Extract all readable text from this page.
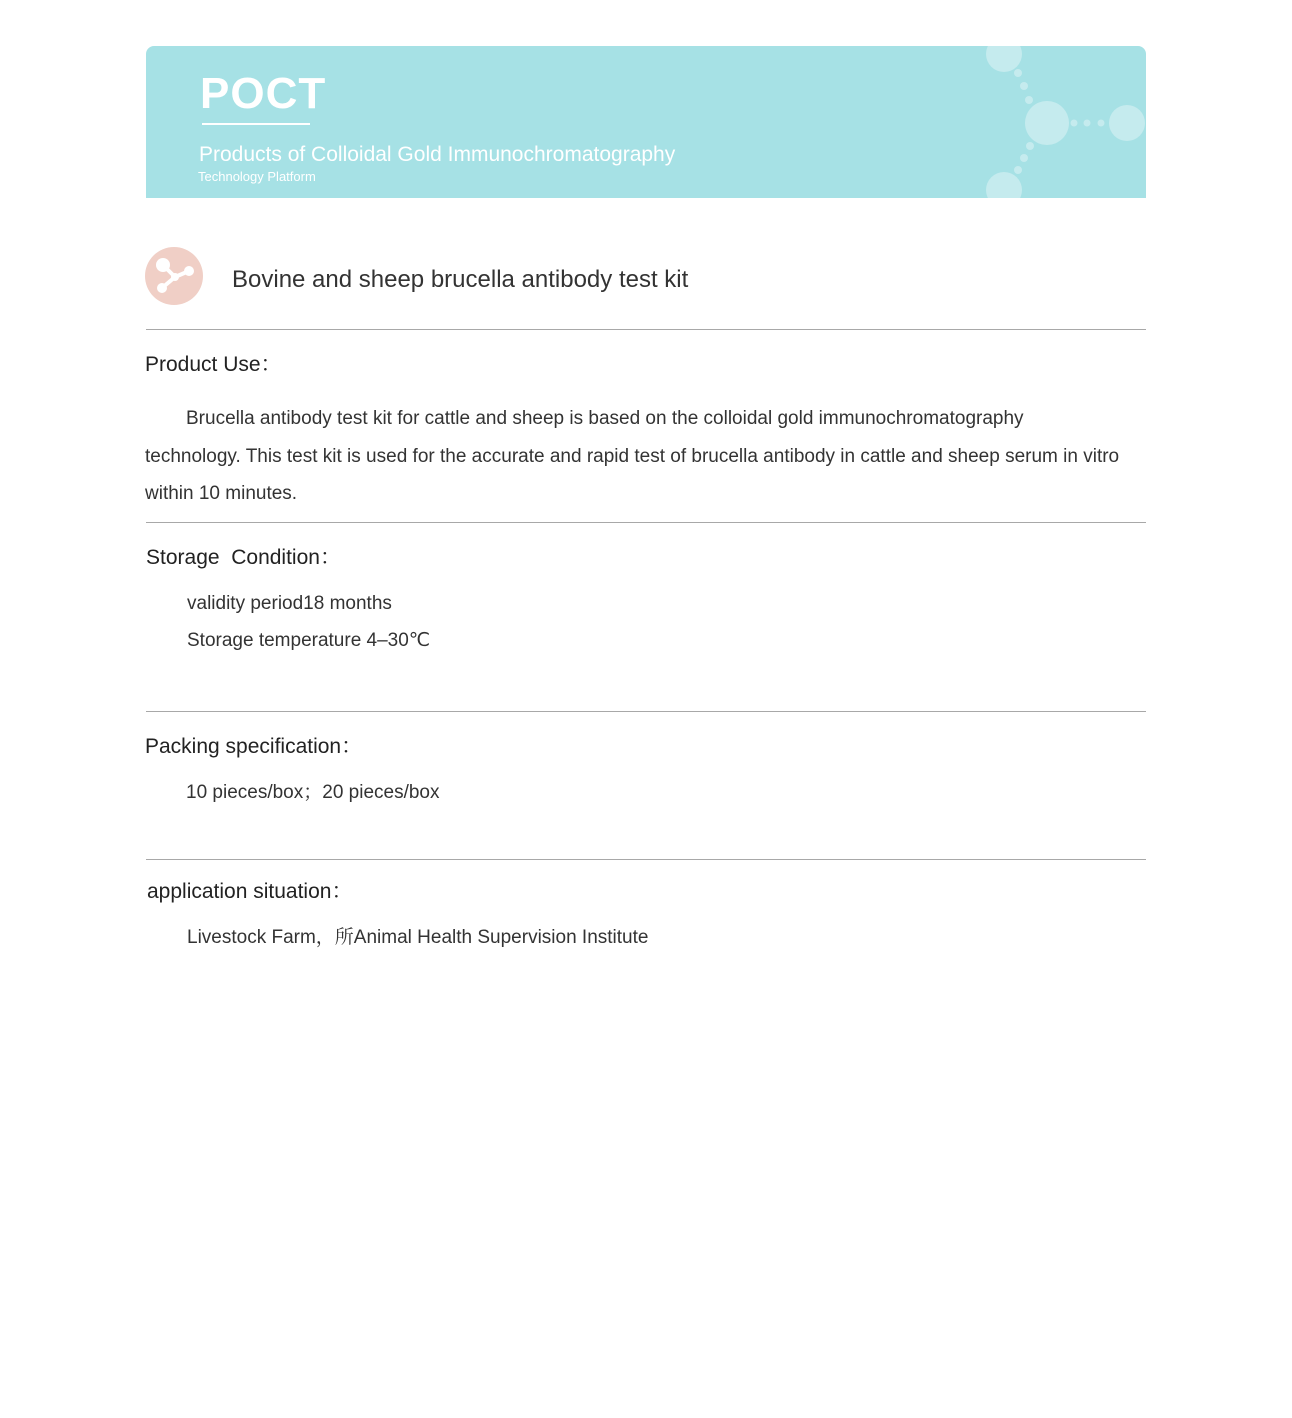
POCT
Products of Colloidal Gold Immunochromatography
Technology Platform
Bovine and sheep brucella antibody test kit
Product Use：
Brucella antibody test kit for cattle and sheep is based on the colloidal gold immunochromatography technology. This test kit is used for the accurate and rapid test of brucella antibody in cattle and sheep serum in vitro within 10 minutes.
Storage  Condition：
validity period18 months
Storage temperature 4–30℃
Packing specification：
10 pieces/box；20 pieces/box
application situation：
Livestock Farm，所Animal Health Supervision Institute
